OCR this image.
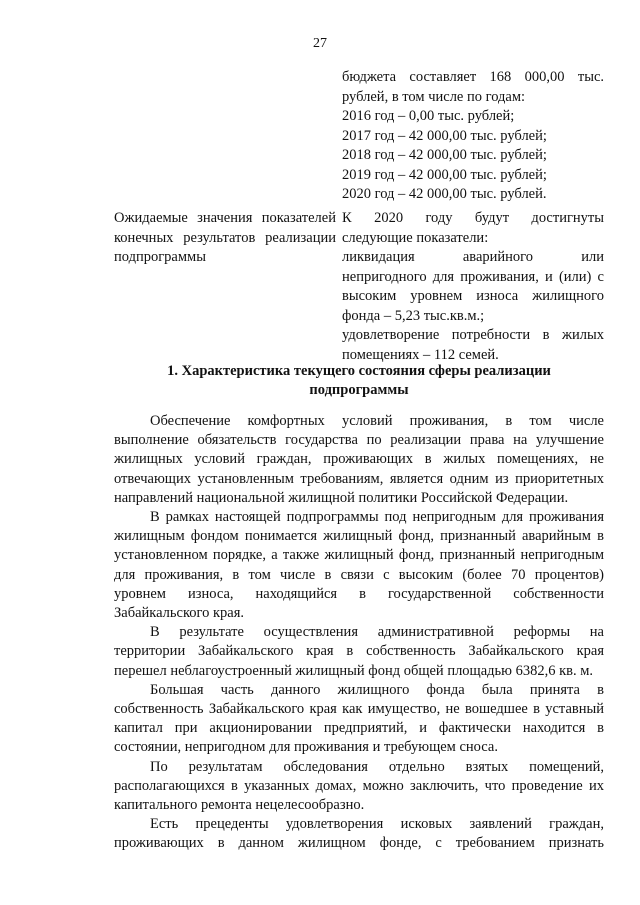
27
бюджета составляет 168 000,00 тыс.
рублей, в том числе по годам:
2016 год – 0,00 тыс. рублей;
2017 год – 42 000,00 тыс. рублей;
2018 год – 42 000,00 тыс. рублей;
2019 год – 42 000,00 тыс. рублей;
2020 год – 42 000,00 тыс. рублей.
Ожидаемые значения показателей
конечных результатов реализации
подпрограммы
К 2020 году будут достигнуты
следующие показатели:
ликвидация аварийного или
непригодного для проживания, и (или) с
высоким уровнем износа жилищного
фонда – 5,23 тыс.кв.м.;
удовлетворение потребности в жилых
помещениях – 112 семей.
1. Характеристика текущего состояния сферы реализации
подпрограммы
Обеспечение комфортных условий проживания, в том числе
выполнение обязательств государства по реализации права на улучшение
жилищных условий граждан, проживающих в жилых помещениях, не
отвечающих установленным требованиям, является одним из приоритетных
направлений национальной жилищной политики Российской Федерации.
В рамках настоящей подпрограммы под непригодным для проживания
жилищным фондом понимается жилищный фонд, признанный аварийным в
установленном порядке, а также жилищный фонд, признанный непригодным
для проживания, в том числе в связи с высоким (более 70 процентов)
уровнем износа, находящийся в государственной собственности
Забайкальского края.
В результате осуществления административной реформы на
территории Забайкальского края в собственность Забайкальского края
перешел неблагоустроенный жилищный фонд общей площадью 6382,6 кв. м.
Большая часть данного жилищного фонда была принята в
собственность Забайкальского края как имущество, не вошедшее в уставный
капитал при акционировании предприятий, и фактически находится в
состоянии, непригодном для проживания и требующем сноса.
По результатам обследования отдельно взятых помещений,
располагающихся в указанных домах, можно заключить, что проведение их
капитального ремонта нецелесообразно.
Есть прецеденты удовлетворения исковых заявлений граждан,
проживающих в данном жилищном фонде, с требованием признать
